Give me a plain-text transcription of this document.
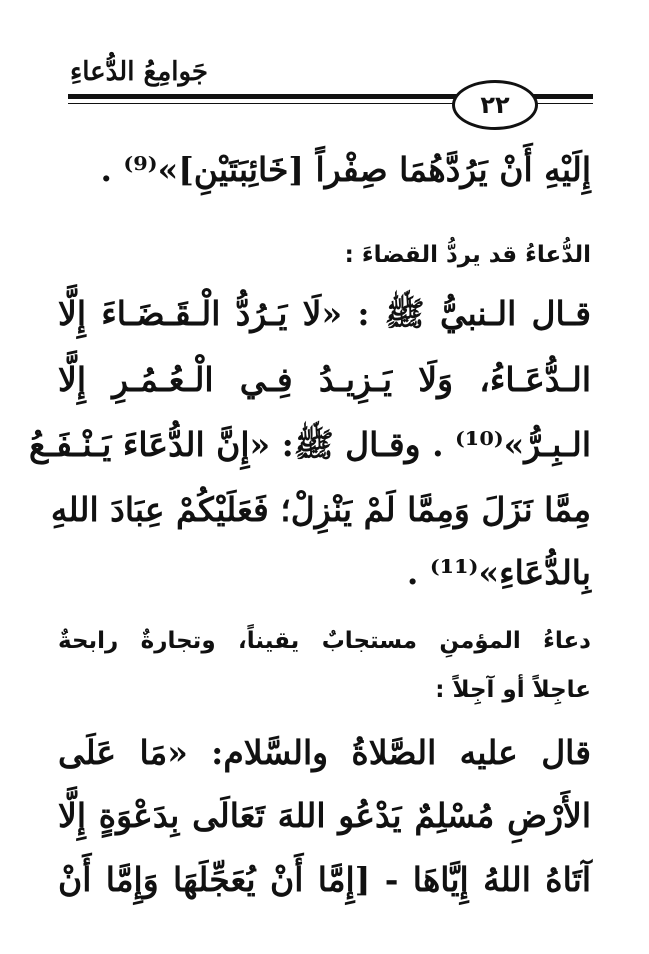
جَوامِعُ الدُّعاءِ
٢٢
إِلَيْهِ أَنْ يَرُدَّهُمَا صِفْراً [خَائِبَتَيْنِ]»⁽⁹⁾ .
الدُّعاءُ قد يردُّ القضاءَ :
قـال الـنبيُّ ﷺ : «لَا يَـرُدُّ الْـقَـضَـاءَ إِلَّا
الـدُّعَـاءُ، وَلَا يَـزِيـدُ فِـي الْـعُـمُـرِ إِلَّا
الـبِـرُّ»⁽¹⁰⁾ . وقـال ﷺ: «إِنَّ الدُّعَاءَ يَـنْـفَـعُ
مِمَّا نَزَلَ وَمِمَّا لَمْ يَنْزِلْ؛ فَعَلَيْكُمْ عِبَادَ اللهِ
بِالدُّعَاءِ»⁽¹¹⁾ .
دعاءُ المؤمنِ مستجابٌ يقيناً، وتجارةٌ رابحةٌ
عاجِلاً أو آجِلاً :
قال عليه الصَّلاةُ والسَّلام: «مَا عَلَى
الأَرْضِ مُسْلِمٌ يَدْعُو اللهَ تَعَالَى بِدَعْوَةٍ إِلَّا
آتَاهُ اللهُ إِيَّاهَا - [إِمَّا أَنْ يُعَجِّلَهَا وَإِمَّا أَنْ
